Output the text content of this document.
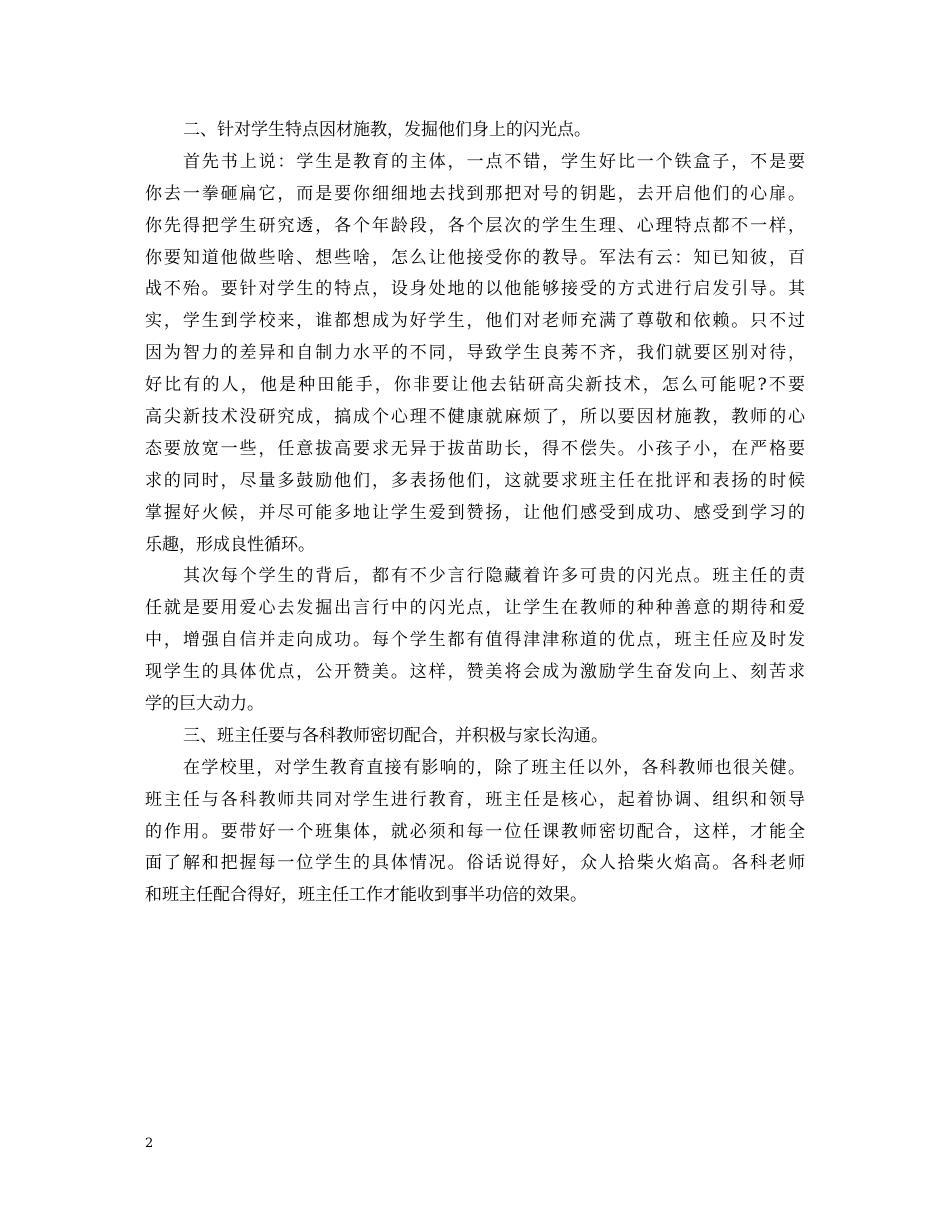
二、针对学生特点因材施教，发掘他们身上的闪光点。
首先书上说：学生是教育的主体，一点不错，学生好比一个铁盒子，不是要
你去一拳砸扁它，而是要你细细地去找到那把对号的钥匙，去开启他们的心扉。
你先得把学生研究透，各个年龄段，各个层次的学生生理、心理特点都不一样，
你要知道他做些啥、想些啥，怎么让他接受你的教导。军法有云：知已知彼，百
战不殆。要针对学生的特点，设身处地的以他能够接受的方式进行启发引导。其
实，学生到学校来，谁都想成为好学生，他们对老师充满了尊敬和依赖。只不过
因为智力的差异和自制力水平的不同，导致学生良莠不齐，我们就要区别对待，
好比有的人，他是种田能手，你非要让他去钻研高尖新技术，怎么可能呢?不要
高尖新技术没研究成，搞成个心理不健康就麻烦了，所以要因材施教，教师的心
态要放宽一些，任意拔高要求无异于拔苗助长，得不偿失。小孩子小，在严格要
求的同时，尽量多鼓励他们，多表扬他们，这就要求班主任在批评和表扬的时候
掌握好火候，并尽可能多地让学生爱到赞扬，让他们感受到成功、感受到学习的
乐趣，形成良性循环。
其次每个学生的背后，都有不少言行隐藏着许多可贵的闪光点。班主任的责
任就是要用爱心去发掘出言行中的闪光点，让学生在教师的种种善意的期待和爱
中，增强自信并走向成功。每个学生都有值得津津称道的优点，班主任应及时发
现学生的具体优点，公开赞美。这样，赞美将会成为激励学生奋发向上、刻苦求
学的巨大动力。
三、班主任要与各科教师密切配合，并积极与家长沟通。
在学校里，对学生教育直接有影响的，除了班主任以外，各科教师也很关健。
班主任与各科教师共同对学生进行教育，班主任是核心，起着协调、组织和领导
的作用。要带好一个班集体，就必须和每一位任课教师密切配合，这样，才能全
面了解和把握每一位学生的具体情况。俗话说得好，众人拾柴火焰高。各科老师
和班主任配合得好，班主任工作才能收到事半功倍的效果。
2
